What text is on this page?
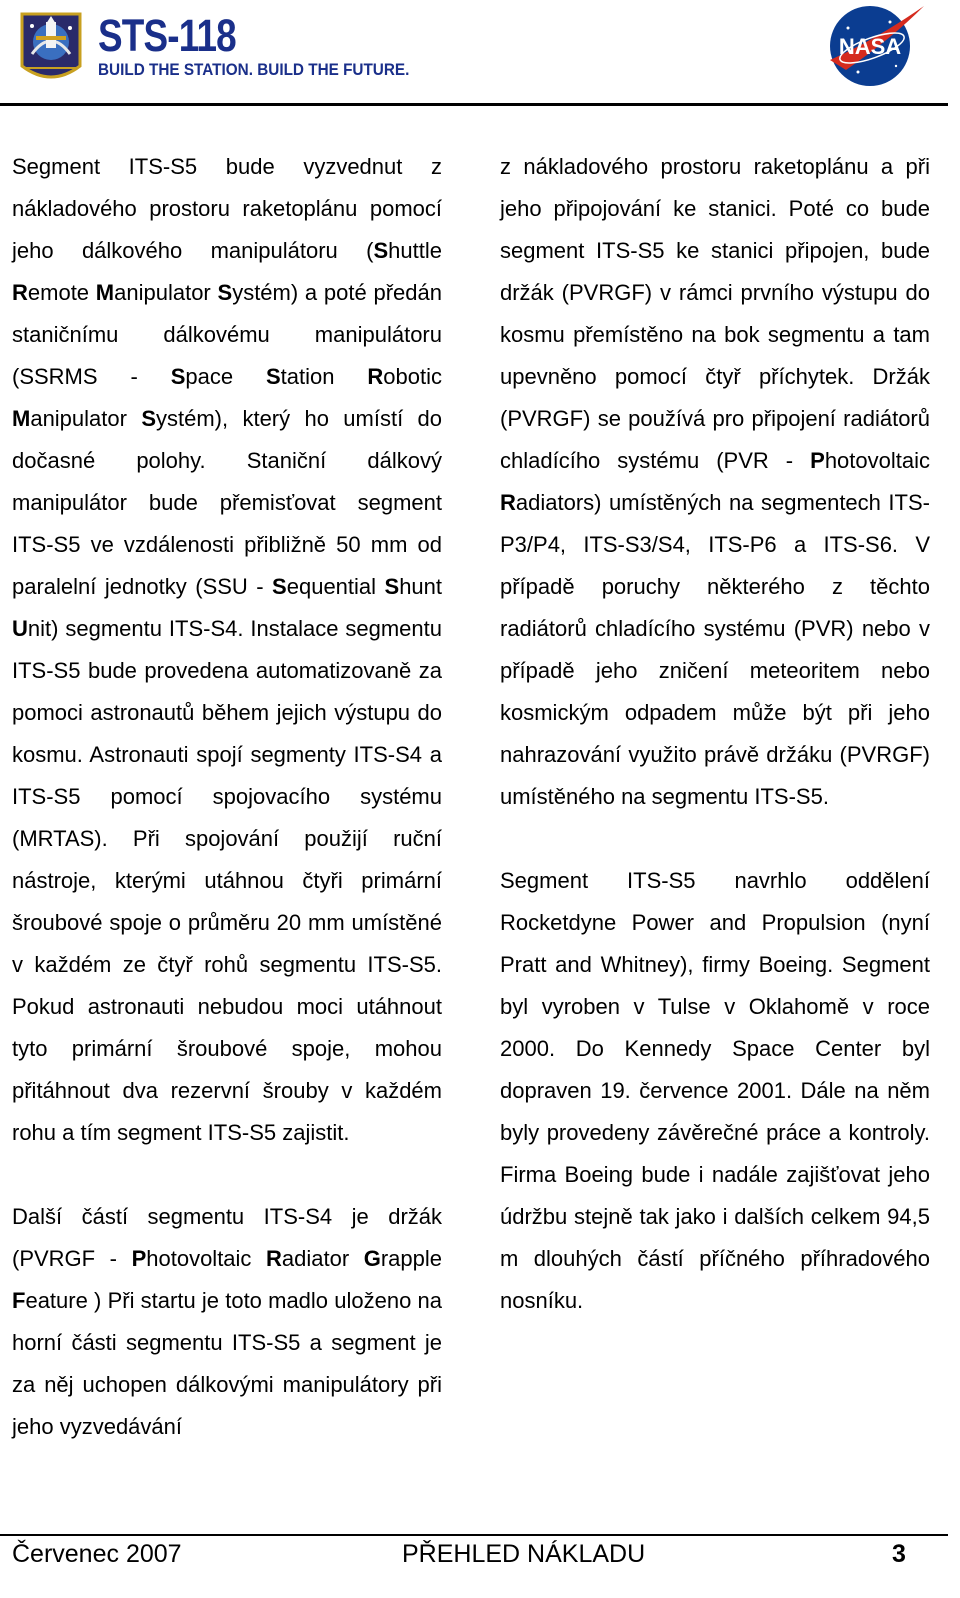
STS-118
BUILD THE STATION. BUILD THE FUTURE.
NASA

Segment ITS-S5 bude vyzvednut z nákladového prostoru raketoplánu pomocí jeho dálkového manipulátoru (Shuttle Remote Manipulator Systém) a poté předán staničnímu dálkovému manipulátoru (SSRMS - Space Station Robotic Manipulator Systém), který ho umístí do dočasné polohy. Staniční dálkový manipulátor bude přemisťovat segment ITS-S5 ve vzdálenosti přibližně 50 mm od paralelní jednotky (SSU - Sequential Shunt Unit) segmentu ITS-S4. Instalace segmentu ITS-S5 bude provedena automatizovaně za pomoci astronautů během jejich výstupu do kosmu. Astronauti spojí segmenty ITS-S4 a ITS-S5 pomocí spojovacího systému (MRTAS). Při spojování použijí ruční nástroje, kterými utáhnou čtyři primární šroubové spoje o průměru 20 mm umístěné v každém ze čtyř rohů segmentu ITS-S5. Pokud astronauti nebudou moci utáhnout tyto primární šroubové spoje, mohou přitáhnout dva rezervní šrouby v každém rohu a tím segment ITS-S5 zajistit.

Další částí segmentu ITS-S4 je držák (PVRGF - Photovoltaic Radiator Grapple Feature ) Při startu je toto madlo uloženo na horní části segmentu ITS-S5 a segment je za něj uchopen dálkovými manipulátory při jeho vyzvedávání

z nákladového prostoru raketoplánu a při jeho připojování ke stanici. Poté co bude segment ITS-S5 ke stanici připojen, bude držák (PVRGF) v rámci prvního výstupu do kosmu přemístěno na bok segmentu a tam upevněno pomocí čtyř příchytek. Držák (PVRGF) se používá pro připojení radiátorů chladícího systému (PVR - Photovoltaic Radiators) umístěných na segmentech ITS-P3/P4, ITS-S3/S4, ITS-P6 a ITS-S6. V případě poruchy některého z těchto radiátorů chladícího systému (PVR) nebo v případě jeho zničení meteoritem nebo kosmickým odpadem může být při jeho nahrazování využito právě držáku (PVRGF) umístěného na segmentu ITS-S5.

Segment ITS-S5 navrhlo oddělení Rocketdyne Power and Propulsion (nyní Pratt and Whitney), firmy Boeing. Segment byl vyroben v Tulse v Oklahomě v roce 2000. Do Kennedy Space Center byl dopraven 19. července 2001. Dále na něm byly provedeny závěrečné práce a kontroly. Firma Boeing bude i nadále zajišťovat jeho údržbu stejně tak jako i dalších celkem 94,5 m dlouhých částí příčného příhradového nosníku.

Červenec 2007	PŘEHLED NÁKLADU	3
